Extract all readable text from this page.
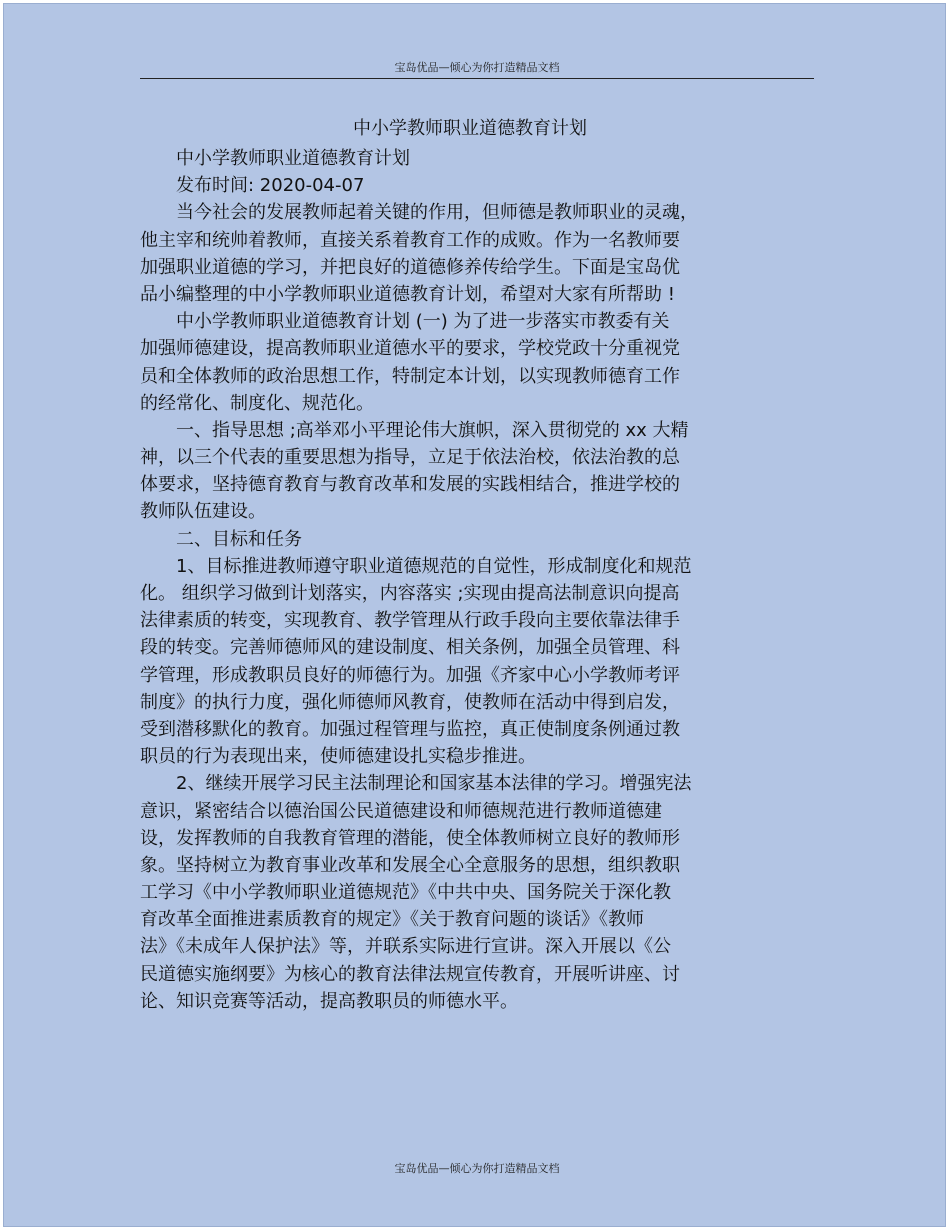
宝岛优品—倾心为你打造精品文档
中小学教师职业道德教育计划
中小学教师职业道德教育计划
发布时间: 2020-04-07
当今社会的发展教师起着关键的作用，但师德是教师职业的灵魂，
他主宰和统帅着教师，直接关系着教育工作的成败。作为一名教师要
加强职业道德的学习，并把良好的道德修养传给学生。下面是宝岛优
品小编整理的中小学教师职业道德教育计划，希望对大家有所帮助 !
中小学教师职业道德教育计划 (一) 为了进一步落实市教委有关
加强师德建设，提高教师职业道德水平的要求，学校党政十分重视党
员和全体教师的政治思想工作，特制定本计划，以实现教师德育工作
的经常化、制度化、规范化。
一、指导思想 ;高举邓小平理论伟大旗帜，深入贯彻党的 xx 大精
神，以三个代表的重要思想为指导，立足于依法治校，依法治教的总
体要求，坚持德育教育与教育改革和发展的实践相结合，推进学校的
教师队伍建设。
二、目标和任务
1、目标推进教师遵守职业道德规范的自觉性，形成制度化和规范
化。 组织学习做到计划落实，内容落实 ;实现由提高法制意识向提高
法律素质的转变，实现教育、教学管理从行政手段向主要依靠法律手
段的转变。完善师德师风的建设制度、相关条例，加强全员管理、科
学管理，形成教职员良好的师德行为。加强《齐家中心小学教师考评
制度》的执行力度，强化师德师风教育，使教师在活动中得到启发，
受到潜移默化的教育。加强过程管理与监控，真正使制度条例通过教
职员的行为表现出来，使师德建设扎实稳步推进。
2、继续开展学习民主法制理论和国家基本法律的学习。增强宪法
意识，紧密结合以德治国公民道德建设和师德规范进行教师道德建
设，发挥教师的自我教育管理的潜能，使全体教师树立良好的教师形
象。坚持树立为教育事业改革和发展全心全意服务的思想，组织教职
工学习《中小学教师职业道德规范》《中共中央、国务院关于深化教
育改革全面推进素质教育的规定》《关于教育问题的谈话》《教师
法》《未成年人保护法》等，并联系实际进行宣讲。深入开展以《公
民道德实施纲要》为核心的教育法律法规宣传教育，开展听讲座、讨
论、知识竞赛等活动，提高教职员的师德水平。
宝岛优品—倾心为你打造精品文档
